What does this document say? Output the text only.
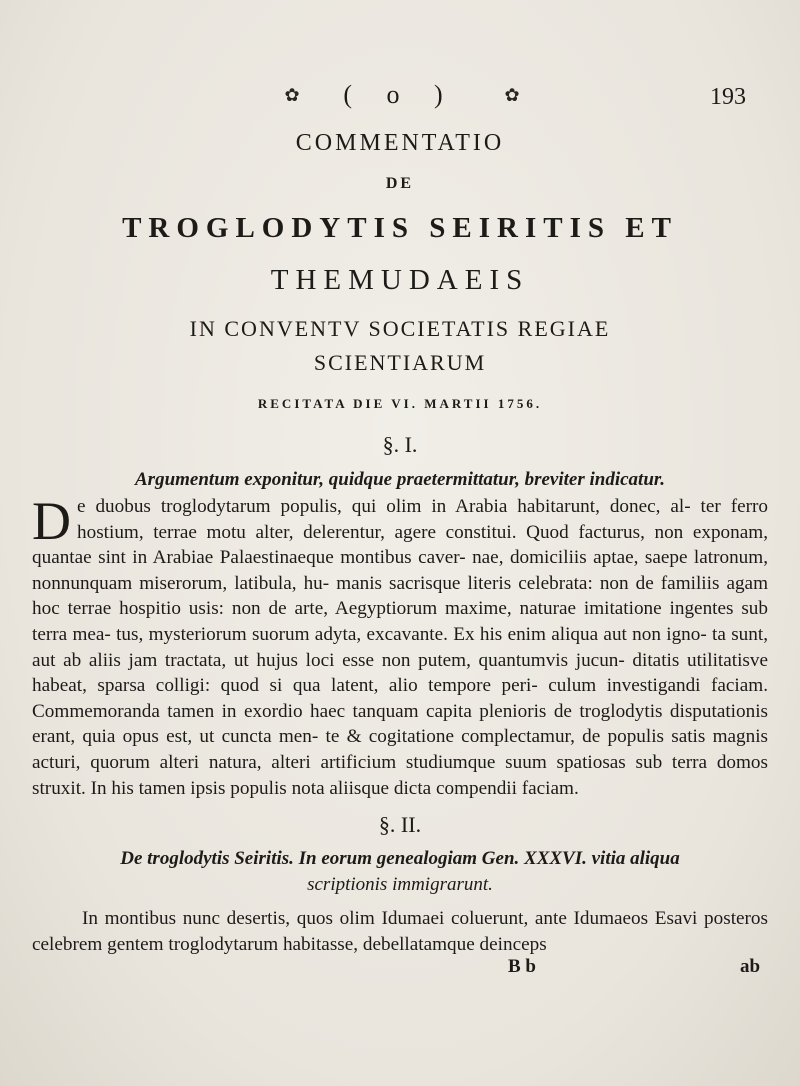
✿	( o )	✿	193
COMMENTATIO
DE
TROGLODYTIS SEIRITIS ET
THEMUDAEIS
IN CONVENTV SOCIETATIS REGIAE
SCIENTIARUM
RECITATA DIE VI. MARTII 1756.
§. I.
Argumentum exponitur, quidque praetermittatur, breviter indicatur.

De duobus troglodytarum populis, qui olim in Arabia habitarunt, donec, al- ter ferro hostium, terrae motu alter, delerentur, agere constitui. Quod facturus, non exponam, quantae sint in Arabiae Palaestinaeque montibus caver- nae, domiciliis aptae, saepe latronum, nonnunquam miserorum, latibula, hu- manis sacrisque literis celebrata: non de familiis agam hoc terrae hospitio usis: non de arte, Aegyptiorum maxime, naturae imitatione ingentes sub terra mea- tus, mysteriorum suorum adyta, excavante. Ex his enim aliqua aut non igno- ta sunt, aut ab aliis jam tractata, ut hujus loci esse non putem, quantumvis jucun- ditatis utilitatisve habeat, sparsa colligi: quod si qua latent, alio tempore peri- culum investigandi faciam. Commemoranda tamen in exordio haec tanquam capita plenioris de troglodytis disputationis erant, quia opus est, ut cuncta men- te & cogitatione complectamur, de populis satis magnis acturi, quorum alteri natura, alteri artificium studiumque suum spatiosas sub terra domos struxit. In his tamen ipsis populis nota aliisque dicta compendii faciam.

§. II.
De troglodytis Seiritis. In eorum genealogiam Gen. XXXVI. vitia aliqua
scriptionis immigrarunt.

In montibus nunc desertis, quos olim Idumaei coluerunt, ante Idumaeos Esavi posteros celebrem gentem troglodytarum habitasse, debellatamque deinceps

B b	ab
